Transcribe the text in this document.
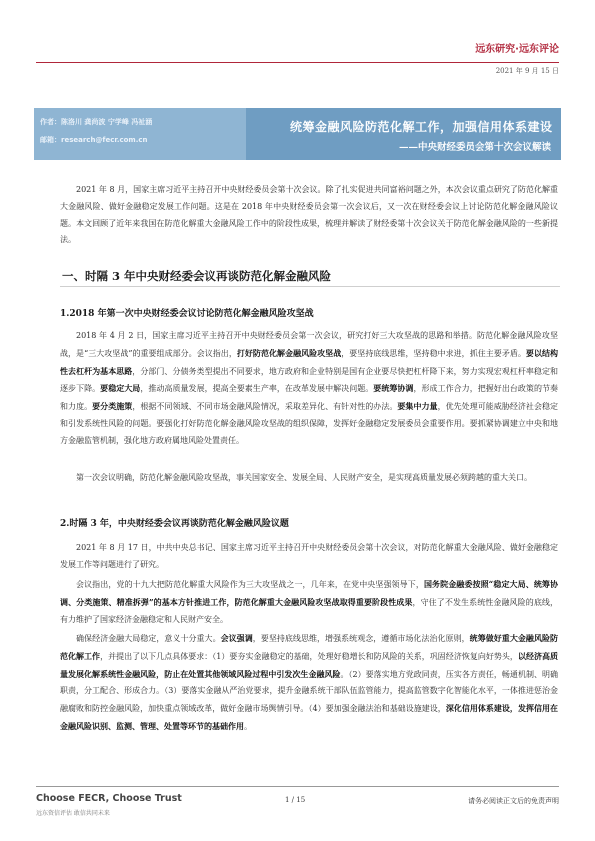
远东研究·远东评论
2021 年 9 月 15 日
作者：陈洛川 龚尚波 宁学峰 冯祉涵
邮箱：research@fecr.com.cn
统筹金融风险防范化解工作，加强信用体系建设
——中央财经委员会第十次会议解读

2021 年 8 月，国家主席习近平主持召开中央财经委员会第十次会议。除了扎实促进共同富裕问题之外，本次会议重点研究了防范化解重大金融风险、做好金融稳定发展工作问题。这是在 2018 年中央财经委员会第一次会议后，又一次在财经委会议上讨论防范化解金融风险议题。本文回顾了近年来我国在防范化解重大金融风险工作中的阶段性成果，梳理并解读了财经委第十次会议关于防范化解金融风险的一些新提法。

一、时隔 3 年中央财经委会议再谈防范化解金融风险
1.2018 年第一次中央财经委会议讨论防范化解金融风险攻坚战

2018 年 4 月 2 日，国家主席习近平主持召开中央财经委员会第一次会议，研究打好三大攻坚战的思路和举措。防范化解金融风险攻坚战，是“三大攻坚战”的重要组成部分。会议指出，打好防范化解金融风险攻坚战，要坚持底线思维，坚持稳中求进，抓住主要矛盾。要以结构性去杠杆为基本思路，分部门、分债务类型提出不同要求，地方政府和企业特别是国有企业要尽快把杠杆降下来，努力实现宏观杠杆率稳定和逐步下降。要稳定大局，推动高质量发展，提高全要素生产率，在改革发展中解决问题。要统筹协调，形成工作合力，把握好出台政策的节奏和力度。要分类施策，根据不同领域、不同市场金融风险情况，采取差异化、有针对性的办法。要集中力量，优先处理可能威胁经济社会稳定和引发系统性风险的问题。要强化打好防范化解金融风险攻坚战的组织保障，发挥好金融稳定发展委员会重要作用。要抓紧协调建立中央和地方金融监管机制，强化地方政府属地风险处置责任。

第一次会议明确，防范化解金融风险攻坚战，事关国家安全、发展全局、人民财产安全，是实现高质量发展必须跨越的重大关口。

2.时隔 3 年，中央财经委会议再谈防范化解金融风险议题

2021 年 8 月 17 日，中共中央总书记、国家主席习近平主持召开中央财经委员会第十次会议，对防范化解重大金融风险、做好金融稳定发展工作等问题进行了研究。

会议指出，党的十九大把防范化解重大风险作为三大攻坚战之一，几年来，在党中央坚强领导下，国务院金融委按照“稳定大局、统筹协调、分类施策、精准拆弹”的基本方针推进工作，防范化解重大金融风险攻坚战取得重要阶段性成果，守住了不发生系统性金融风险的底线，有力维护了国家经济金融稳定和人民财产安全。

确保经济金融大局稳定，意义十分重大。会议强调，要坚持底线思维，增强系统观念，遵循市场化法治化原则，统筹做好重大金融风险防范化解工作，并提出了以下几点具体要求：（1）要夯实金融稳定的基础，处理好稳增长和防风险的关系，巩固经济恢复向好势头，以经济高质量发展化解系统性金融风险，防止在处置其他领域风险过程中引发次生金融风险。（2）要落实地方党政同责，压实各方责任，畅通机制、明确职责，分工配合、形成合力。（3）要落实金融从严治党要求，提升金融系统干部队伍监管能力，提高监管数字化智能化水平，一体推进惩治金融腐败和防控金融风险，加快重点领域改革，做好金融市场舆情引导。（4）要加强金融法治和基础设施建设，深化信用体系建设，发挥信用在金融风险识别、监测、管理、处置等环节的基础作用。

Choose FECR, Choose Trust
远东资信评估 敢信共同未来
1 / 15	请务必阅读正文后的免责声明
